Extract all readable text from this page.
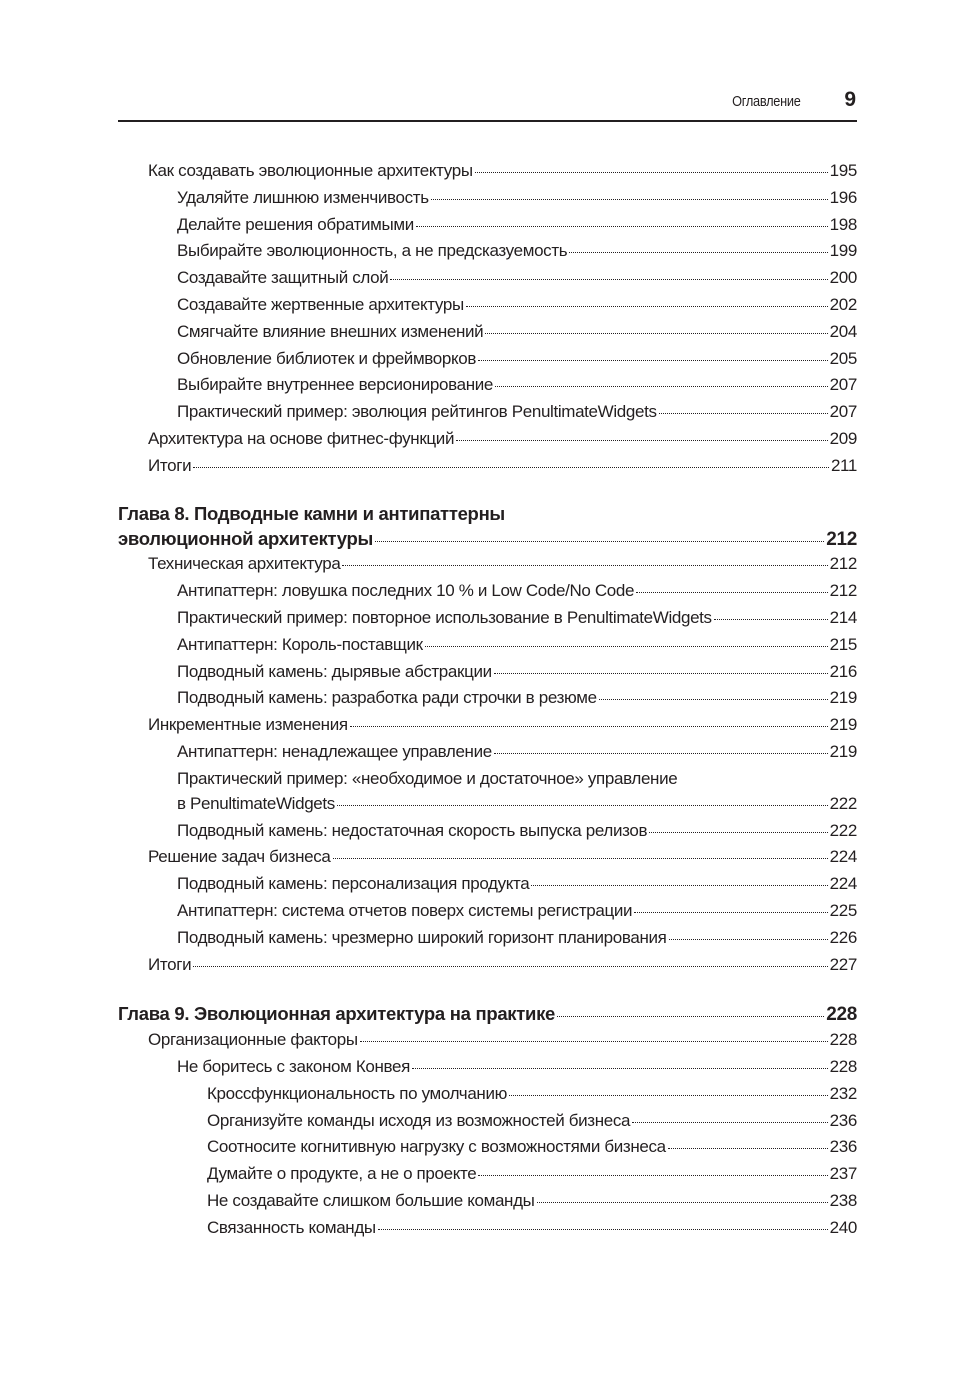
Оглавление 9
Как создавать эволюционные архитектуры	195
Удаляйте лишнюю изменчивость	196
Делайте решения обратимыми	198
Выбирайте эволюционность, а не предсказуемость	199
Создавайте защитный слой	200
Создавайте жертвенные архитектуры	202
Смягчайте влияние внешних изменений	204
Обновление библиотек и фреймворков	205
Выбирайте внутреннее версионирование	207
Практический пример: эволюция рейтингов PenultimateWidgets	207
Архитектура на основе фитнес-функций	209
Итоги	211
Глава 8. Подводные камни и антипаттерны
эволюционной архитектуры	212
Техническая архитектура	212
Антипаттерн: ловушка последних 10 % и Low Code/No Code	212
Практический пример: повторное использование в PenultimateWidgets	214
Антипаттерн: Король-поставщик	215
Подводный камень: дырявые абстракции	216
Подводный камень: разработка ради строчки в резюме	219
Инкрементные изменения	219
Антипаттерн: ненадлежащее управление	219
Практический пример: «необходимое и достаточное» управление
в PenultimateWidgets	222
Подводный камень: недостаточная скорость выпуска релизов	222
Решение задач бизнеса	224
Подводный камень: персонализация продукта	224
Антипаттерн: система отчетов поверх системы регистрации	225
Подводный камень: чрезмерно широкий горизонт планирования	226
Итоги	227
Глава 9. Эволюционная архитектура на практике	228
Организационные факторы	228
Не боритесь с законом Конвея	228
Кроссфункциональность по умолчанию	232
Организуйте команды исходя из возможностей бизнеса	236
Соотносите когнитивную нагрузку с возможностями бизнеса	236
Думайте о продукте, а не о проекте	237
Не создавайте слишком большие команды	238
Связанность команды	240
